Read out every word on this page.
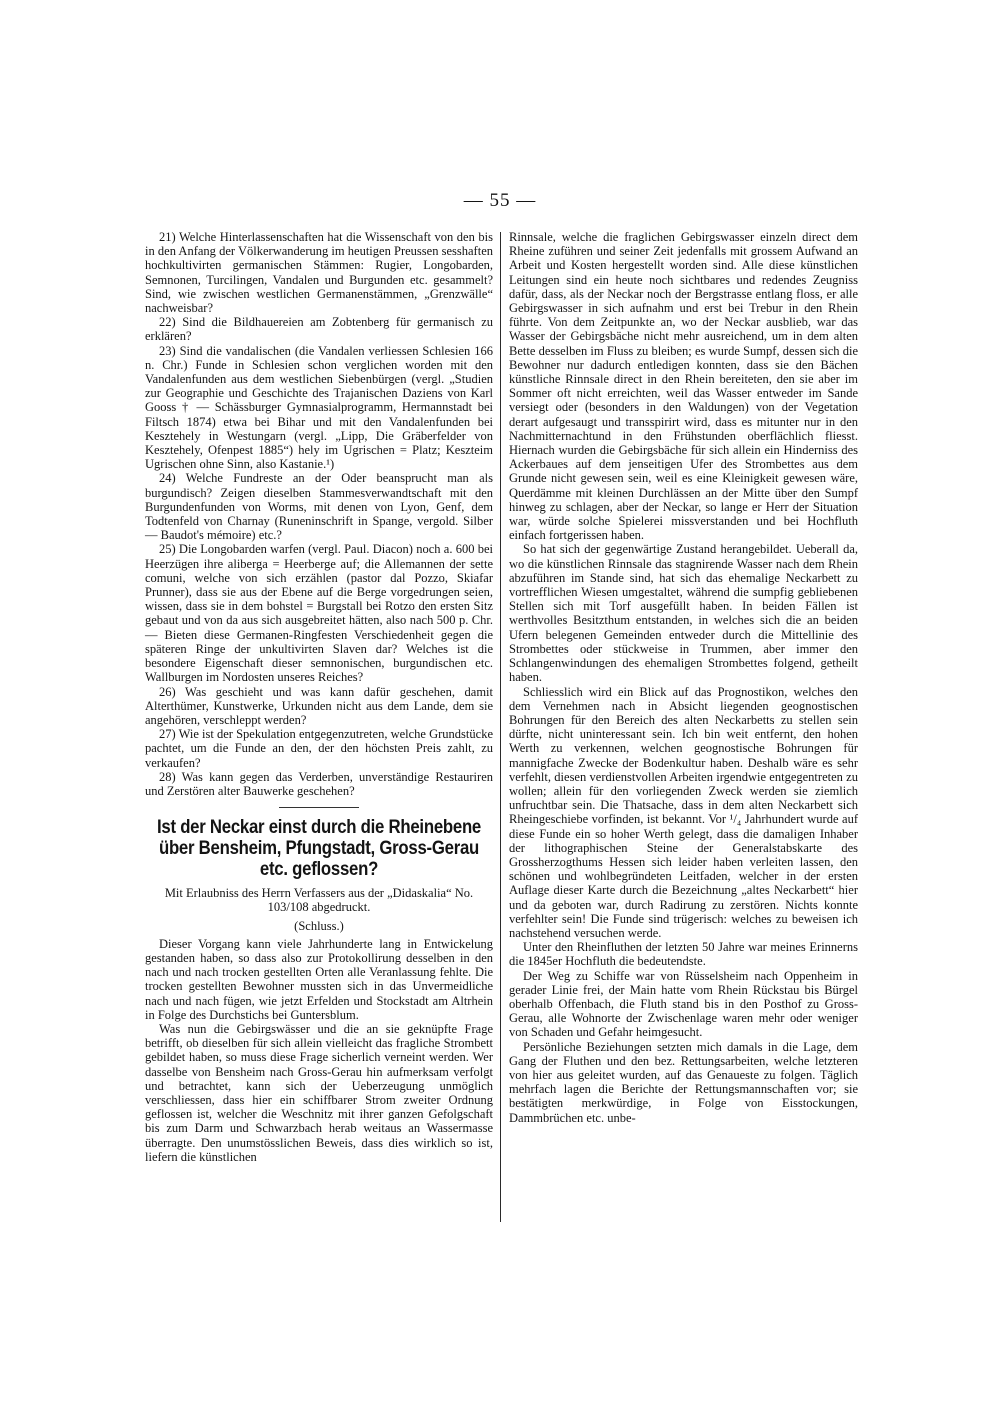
— 55 —

21) Welche Hinterlassenschaften hat die Wissenschaft von den bis in den Anfang der Völkerwanderung im heutigen Preussen sesshaften hochkultivirten germanischen Stämmen: Rugier, Longobarden, Semnonen, Turcilingen, Vandalen und Burgunden etc. gesammelt? Sind, wie zwischen westlichen Germanenstämmen, „Grenzwälle“ nachweisbar?

22) Sind die Bildhauereien am Zobtenberg für germanisch zu erklären?

23) Sind die vandalischen (die Vandalen verliessen Schlesien 166 n. Chr.) Funde in Schlesien schon verglichen worden mit den Vandalenfunden aus dem westlichen Siebenbürgen (vergl. „Studien zur Geographie und Geschichte des Trajanischen Daziens von Karl Gooss † — Schässburger Gymnasialprogramm, Hermannstadt bei Filtsch 1874) etwa bei Bihar und mit den Vandalenfunden bei Kesztehely in Westungarn (vergl. „Lipp, Die Gräberfelder von Kesztehely, Ofenpest 1885“) hely im Ugrischen = Platz; Keszteim Ugrischen ohne Sinn, also Kastanie.¹)

24) Welche Fundreste an der Oder beansprucht man als burgundisch? Zeigen dieselben Stammesverwandtschaft mit den Burgundenfunden von Worms, mit denen von Lyon, Genf, dem Todtenfeld von Charnay (Runeninschrift in Spange, vergold. Silber — Baudot's mémoire) etc.?

25) Die Longobarden warfen (vergl. Paul. Diacon) noch a. 600 bei Heerzügen ihre aliberga = Heerberge auf; die Allemannen der sette comuni, welche von sich erzählen (pastor dal Pozzo, Skiafar Prunner), dass sie aus der Ebene auf die Berge vorgedrungen seien, wissen, dass sie in dem bohstel = Burgstall bei Rotzo den ersten Sitz gebaut und von da aus sich ausgebreitet hätten, also nach 500 p. Chr. — Bieten diese Germanen-Ringfesten Verschiedenheit gegen die späteren Ringe der unkultivirten Slaven dar? Welches ist die besondere Eigenschaft dieser semnonischen, burgundischen etc. Wallburgen im Nordosten unseres Reiches?

26) Was geschieht und was kann dafür geschehen, damit Alterthümer, Kunstwerke, Urkunden nicht aus dem Lande, dem sie angehören, verschleppt werden?

27) Wie ist der Spekulation entgegenzutreten, welche Grundstücke pachtet, um die Funde an den, der den höchsten Preis zahlt, zu verkaufen?

28) Was kann gegen das Verderben, unverständige Restauriren und Zerstören alter Bauwerke geschehen?

Ist der Neckar einst durch die Rheinebene über Bensheim, Pfungstadt, Gross-Gerau etc. geflossen?

Mit Erlaubniss des Herrn Verfassers aus der „Didaskalia“ No. 103/108 abgedruckt.

(Schluss.)

Dieser Vorgang kann viele Jahrhunderte lang in Entwickelung gestanden haben, so dass also zur Protokollirung desselben in den nach und nach trocken gestellten Orten alle Veranlassung fehlte. Die trocken gestellten Bewohner mussten sich in das Unvermeidliche nach und nach fügen, wie jetzt Erfelden und Stockstadt am Altrhein in Folge des Durchstichs bei Guntersblum.

Was nun die Gebirgswässer und die an sie geknüpfte Frage betrifft, ob dieselben für sich allein vielleicht das fragliche Strombett gebildet haben, so muss diese Frage sicherlich verneint werden. Wer dasselbe von Bensheim nach Gross-Gerau hin aufmerksam verfolgt und betrachtet, kann sich der Ueberzeugung unmöglich verschliessen, dass hier ein schiffbarer Strom zweiter Ordnung geflossen ist, welcher die Weschnitz mit ihrer ganzen Gefolgschaft bis zum Darm und Schwarzbach herab weitaus an Wassermasse überragte. Den unumstösslichen Beweis, dass dies wirklich so ist, liefern die künstlichen

Rinnsale, welche die fraglichen Gebirgswasser einzeln direct dem Rheine zuführen und seiner Zeit jedenfalls mit grossem Aufwand an Arbeit und Kosten hergestellt worden sind. Alle diese künstlichen Leitungen sind ein heute noch sichtbares und redendes Zeugniss dafür, dass, als der Neckar noch der Bergstrasse entlang floss, er alle Gebirgswasser in sich aufnahm und erst bei Trebur in den Rhein führte. Von dem Zeitpunkte an, wo der Neckar ausblieb, war das Wasser der Gebirgsbäche nicht mehr ausreichend, um in dem alten Bette desselben im Fluss zu bleiben; es wurde Sumpf, dessen sich die Bewohner nur dadurch entledigen konnten, dass sie den Bächen künstliche Rinnsale direct in den Rhein bereiteten, den sie aber im Sommer oft nicht erreichten, weil das Wasser entweder im Sande versiegt oder (besonders in den Waldungen) von der Vegetation derart aufgesaugt und transspirirt wird, dass es mitunter nur in den Nachmitternachtund in den Frühstunden oberflächlich fliesst. Hiernach wurden die Gebirgsbäche für sich allein ein Hinderniss des Ackerbaues auf dem jenseitigen Ufer des Strombettes aus dem Grunde nicht gewesen sein, weil es eine Kleinigkeit gewesen wäre, Querdämme mit kleinen Durchlässen an der Mitte über den Sumpf hinweg zu schlagen, aber der Neckar, so lange er Herr der Situation war, würde solche Spielerei missverstanden und bei Hochfluth einfach fortgerissen haben.

So hat sich der gegenwärtige Zustand herangebildet. Ueberall da, wo die künstlichen Rinnsale das stagnirende Wasser nach dem Rhein abzuführen im Stande sind, hat sich das ehemalige Neckarbett zu vortrefflichen Wiesen umgestaltet, während die sumpfig gebliebenen Stellen sich mit Torf ausgefüllt haben. In beiden Fällen ist werthvolles Besitzthum entstanden, in welches sich die an beiden Ufern belegenen Gemeinden entweder durch die Mittellinie des Strombettes oder stückweise in Trummen, aber immer den Schlangenwindungen des ehemaligen Strombettes folgend, getheilt haben.

Schliesslich wird ein Blick auf das Prognostikon, welches den dem Vernehmen nach in Absicht liegenden geognostischen Bohrungen für den Bereich des alten Neckarbetts zu stellen sein dürfte, nicht uninteressant sein. Ich bin weit entfernt, den hohen Werth zu verkennen, welchen geognostische Bohrungen für mannigfache Zwecke der Bodenkultur haben. Deshalb wäre es sehr verfehlt, diesen verdienstvollen Arbeiten irgendwie entgegentreten zu wollen; allein für den vorliegenden Zweck werden sie ziemlich unfruchtbar sein. Die Thatsache, dass in dem alten Neckarbett sich Rheingeschiebe vorfinden, ist bekannt. Vor ¹/₄ Jahrhundert wurde auf diese Funde ein so hoher Werth gelegt, dass die damaligen Inhaber der lithographischen Steine der Generalstabskarte des Grossherzogthums Hessen sich leider haben verleiten lassen, den schönen und wohlbegründeten Leitfaden, welcher in der ersten Auflage dieser Karte durch die Bezeichnung „altes Neckarbett“ hier und da geboten war, durch Radirung zu zerstören. Nichts konnte verfehlter sein! Die Funde sind trügerisch: welches zu beweisen ich nachstehend versuchen werde.

Unter den Rheinfluthen der letzten 50 Jahre war meines Erinnerns die 1845er Hochfluth die bedeutendste.

Der Weg zu Schiffe war von Rüsselsheim nach Oppenheim in gerader Linie frei, der Main hatte vom Rhein Rückstau bis Bürgel oberhalb Offenbach, die Fluth stand bis in den Posthof zu Gross-Gerau, alle Wohnorte der Zwischenlage waren mehr oder weniger von Schaden und Gefahr heimgesucht.

Persönliche Beziehungen setzten mich damals in die Lage, dem Gang der Fluthen und den bez. Rettungsarbeiten, welche letzteren von hier aus geleitet wurden, auf das Genaueste zu folgen. Täglich mehrfach lagen die Berichte der Rettungsmannschaften vor; sie bestätigten merkwürdige, in Folge von Eisstockungen, Dammbrüchen etc. unbe-
